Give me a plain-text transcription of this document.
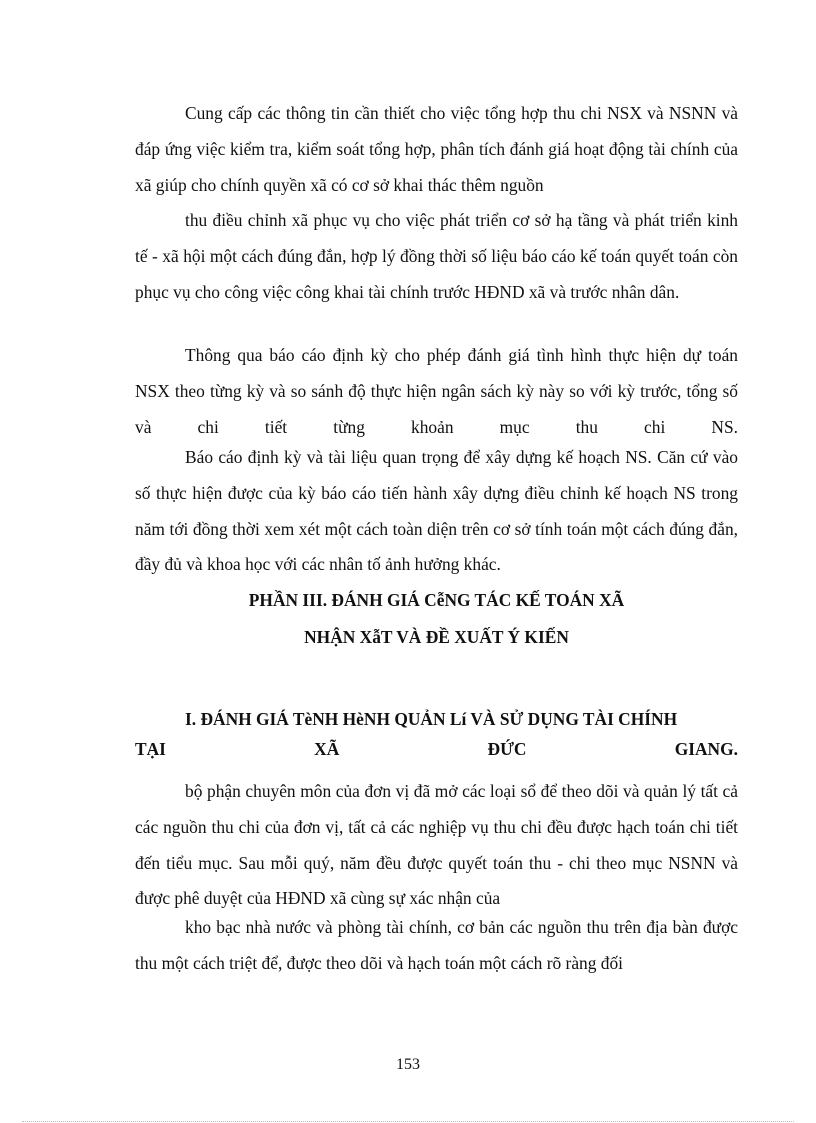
Cung cấp các thông tin cần thiết cho việc tổng hợp thu chi NSX và NSNN và đáp ứng việc kiểm tra, kiểm soát tổng hợp, phân tích đánh giá hoạt động tài chính của xã giúp cho chính quyền xã có cơ sở khai thác thêm nguồn

thu điều chỉnh xã phục vụ cho việc phát triển cơ sở hạ tầng và phát triển kinh tế - xã hội một cách đúng đắn, hợp lý đồng thời số liệu báo cáo kế toán quyết toán còn phục vụ cho công việc công khai tài chính trước HĐND xã và trước nhân dân.

Thông qua báo cáo định kỳ cho phép đánh giá tình hình thực hiện dự toán NSX theo từng kỳ và so sánh độ thực hiện ngân sách kỳ này so với kỳ trước, tổng số và chi tiết từng khoản mục thu chi NS.

Báo cáo định kỳ và tài liệu quan trọng để xây dựng kế hoạch NS. Căn cứ vào số thực hiện được của kỳ báo cáo tiến hành xây dựng điều chỉnh kế hoạch NS trong năm tới đồng thời xem xét một cách toàn diện trên cơ sở tính toán một cách đúng đắn, đầy đủ và khoa học với các nhân tố ảnh hưởng khác.

PHẦN III. ĐÁNH GIÁ CễNG TÁC KẾ TOÁN XÃ
NHẬN XẫT VÀ ĐỀ XUẤT Ý KIẾN
I. ĐÁNH GIÁ TèNH HèNH QUẢN Lí VÀ SỬ DỤNG TÀI CHÍNH
TẠI XÃ ĐỨC GIANG.

bộ phận chuyên môn của đơn vị đã mở các loại sổ để theo dõi và quản lý tất cả các nguồn thu chi của đơn vị, tất cả các nghiệp vụ thu chi đều được hạch toán chi tiết đến tiểu mục. Sau mỗi quý, năm đều được quyết toán thu - chi theo mục NSNN và được phê duyệt của HĐND xã cùng sự xác nhận của

kho bạc nhà nước và phòng tài chính, cơ bản các nguồn thu trên địa bàn được thu một cách triệt để, được theo dõi và hạch toán một cách rõ ràng đối

153
